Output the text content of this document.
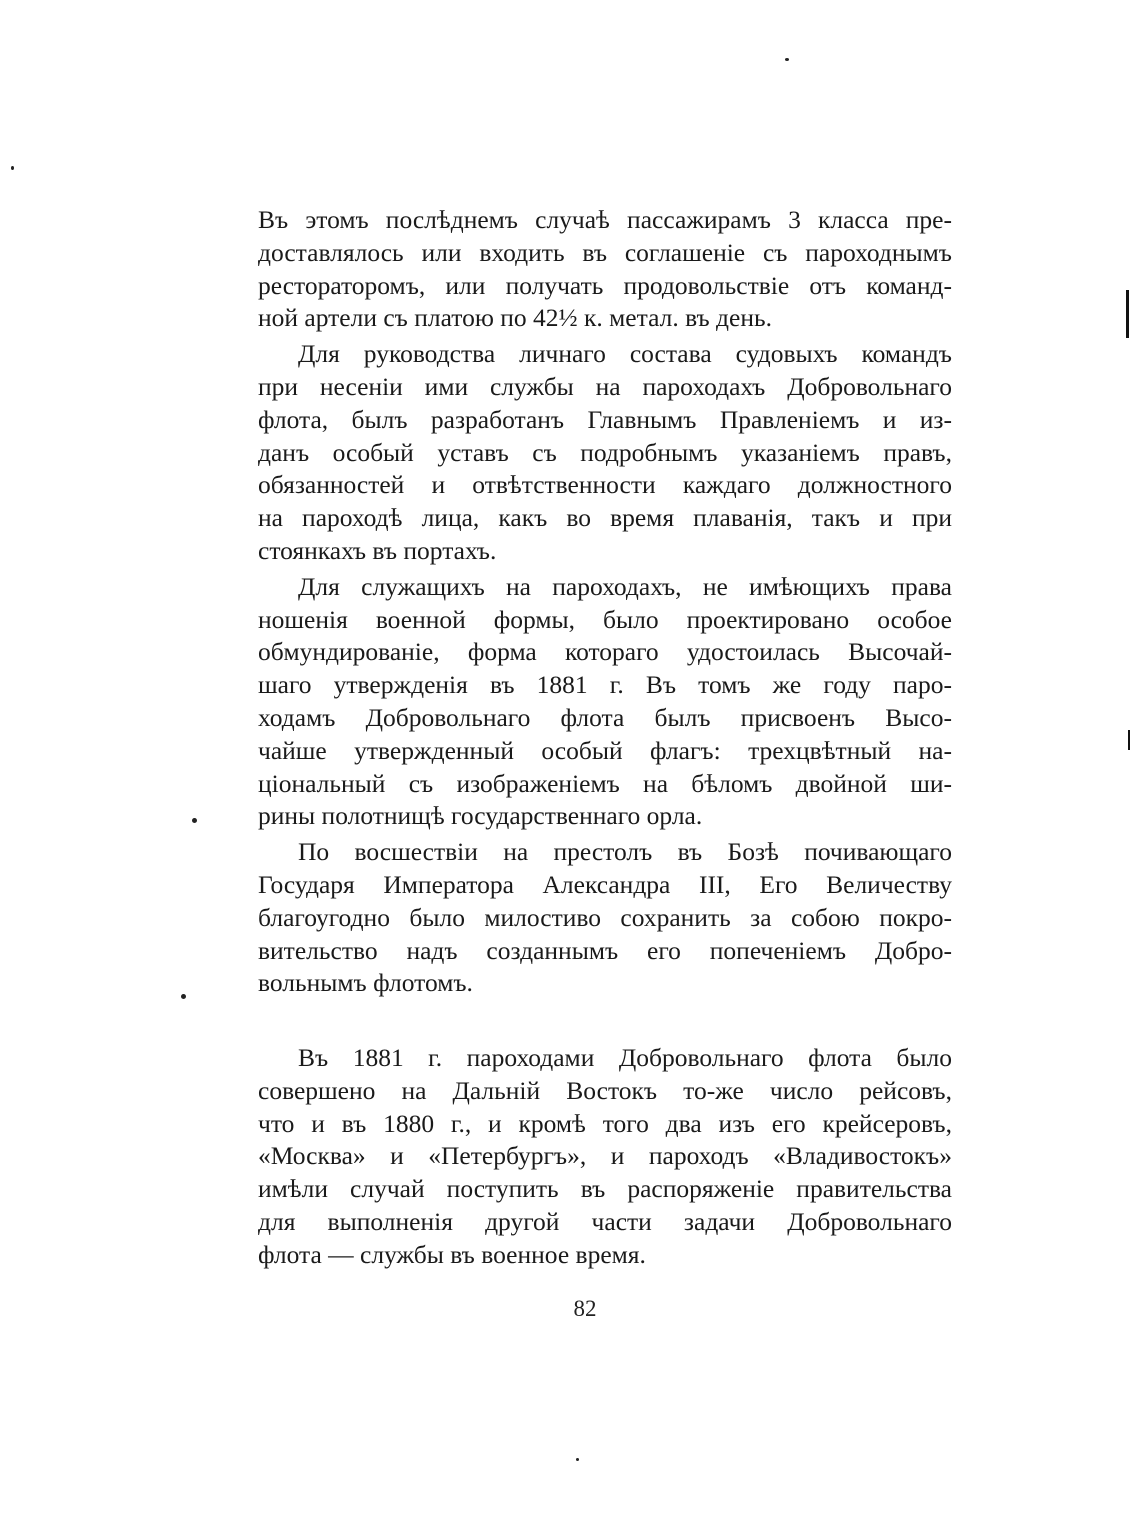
Въ этомъ послѣднемъ случаѣ пассажирамъ 3 класса пре-
доставлялось или входить въ соглашеніе съ пароходнымъ
рестораторомъ, или получать продовольствіе отъ команд-
ной артели съ платою по 42½ к. метал. въ день.
Для руководства личнаго состава судовыхъ командъ
при несеніи ими службы на пароходахъ Добровольнаго
флота, былъ разработанъ Главнымъ Правленіемъ и из-
данъ особый уставъ съ подробнымъ указаніемъ правъ,
обязанностей и отвѣтственности каждаго должностного
на пароходѣ лица, какъ во время плаванія, такъ и при
стоянкахъ въ портахъ.
Для служащихъ на пароходахъ, не имѣющихъ права
ношенія военной формы, было проектировано особое
обмундированіе, форма котораго удостоилась Высочай-
шаго утвержденія въ 1881 г. Въ томъ же году паро-
ходамъ Добровольнаго флота былъ присвоенъ Высо-
чайше утвержденный особый флагъ: трехцвѣтный на-
ціональный съ изображеніемъ на бѣломъ двойной ши-
рины полотнищѣ государственнаго орла.
По восшествіи на престолъ въ Бозѣ почивающаго
Государя Императора Александра III, Его Величеству
благоугодно было милостиво сохранить за собою покро-
вительство надъ созданнымъ его попеченіемъ Добро-
вольнымъ флотомъ.
Въ 1881 г. пароходами Добровольнаго флота было
совершено на Дальній Востокъ то-же число рейсовъ,
что и въ 1880 г., и кромѣ того два изъ его крейсеровъ,
«Москва» и «Петербургъ», и пароходъ «Владивостокъ»
имѣли случай поступить въ распоряженіе правительства
для выполненія другой части задачи Добровольнаго
флота — службы въ военное время.
82
